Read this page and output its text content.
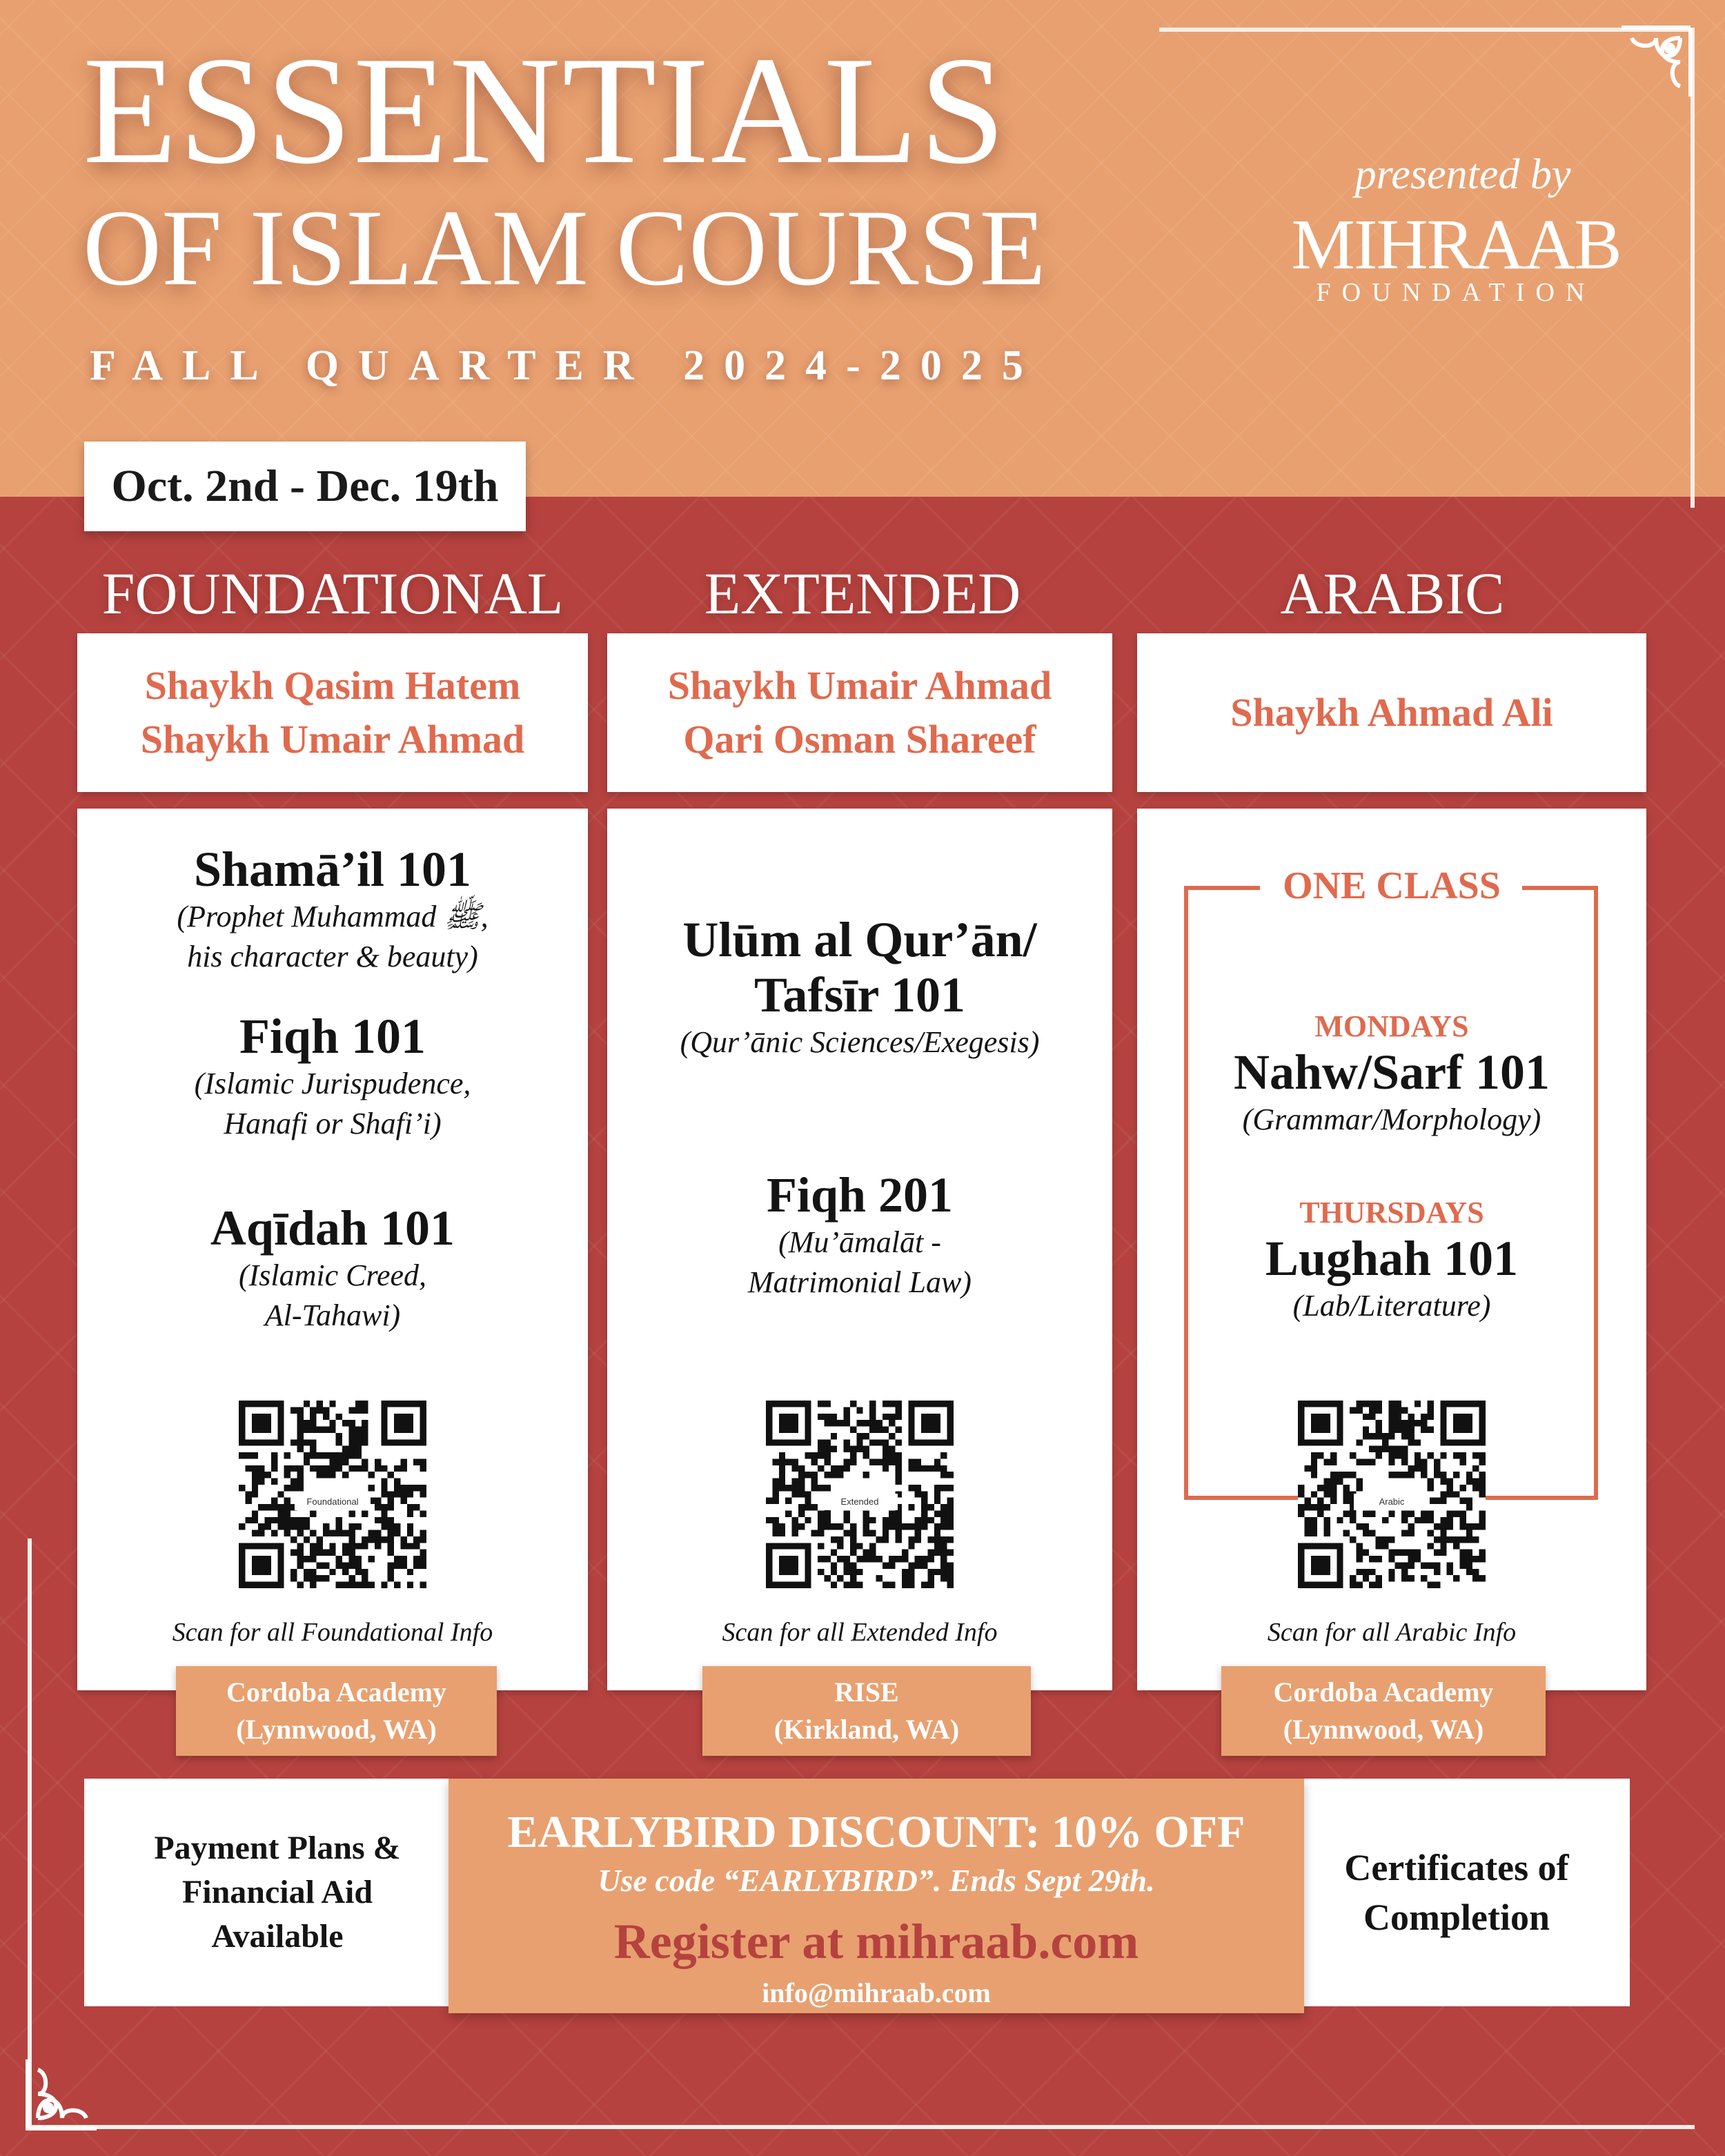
ESSENTIALS
OF ISLAM COURSE
FALL QUARTER 2024-2025
presented by
MIHRAAB
FOUNDATION
Oct. 2nd - Dec. 19th
FOUNDATIONAL	EXTENDED	ARABIC
Shaykh Qasim Hatem
Shaykh Umair Ahmad
Shaykh Umair Ahmad
Qari Osman Shareef
Shaykh Ahmad Ali
Shamā’il 101
(Prophet Muhammad ﷺ,
his character & beauty)
Fiqh 101
(Islamic Jurispudence,
Hanafi or Shafi’i)
Aqīdah 101
(Islamic Creed,
Al-Tahawi)
Foundational
Scan for all Foundational Info
Ulūm al Qur’ān/
Tafsīr 101
(Qur’ānic Sciences/Exegesis)
Fiqh 201
(Mu’āmalāt -
Matrimonial Law)
Extended
Scan for all Extended Info
ONE CLASS
MONDAYS
Nahw/Sarf 101
(Grammar/Morphology)
THURSDAYS
Lughah 101
(Lab/Literature)
Arabic
Scan for all Arabic Info
Cordoba Academy
(Lynnwood, WA)
RISE
(Kirkland, WA)
Cordoba Academy
(Lynnwood, WA)
Payment Plans &
Financial Aid
Available
Certificates of
Completion
EARLYBIRD DISCOUNT: 10% OFF
Use code “EARLYBIRD”. Ends Sept 29th.
Register at mihraab.com
info@mihraab.com
